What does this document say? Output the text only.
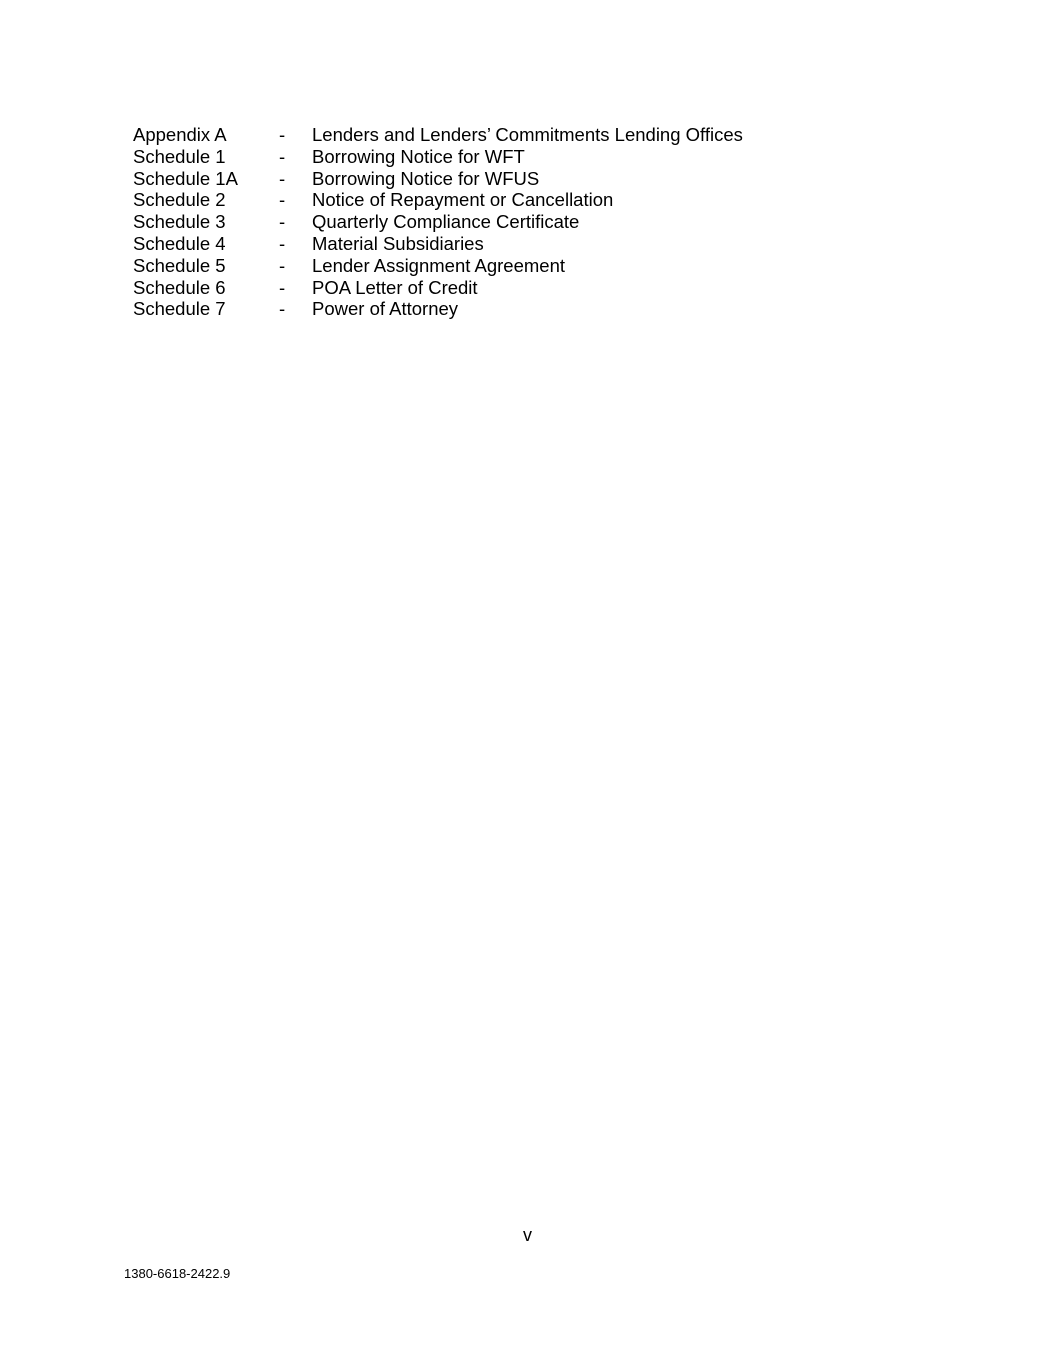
Appendix A	- Lenders and Lenders’ Commitments Lending Offices
Schedule 1	- Borrowing Notice for WFT
Schedule 1A - Borrowing Notice for WFUS
Schedule 2	- Notice of Repayment or Cancellation
Schedule 3	- Quarterly Compliance Certificate
Schedule 4	- Material Subsidiaries
Schedule 5	- Lender Assignment Agreement
Schedule 6	- POA Letter of Credit
Schedule 7	- Power of Attorney
v
1380-6618-2422.9
